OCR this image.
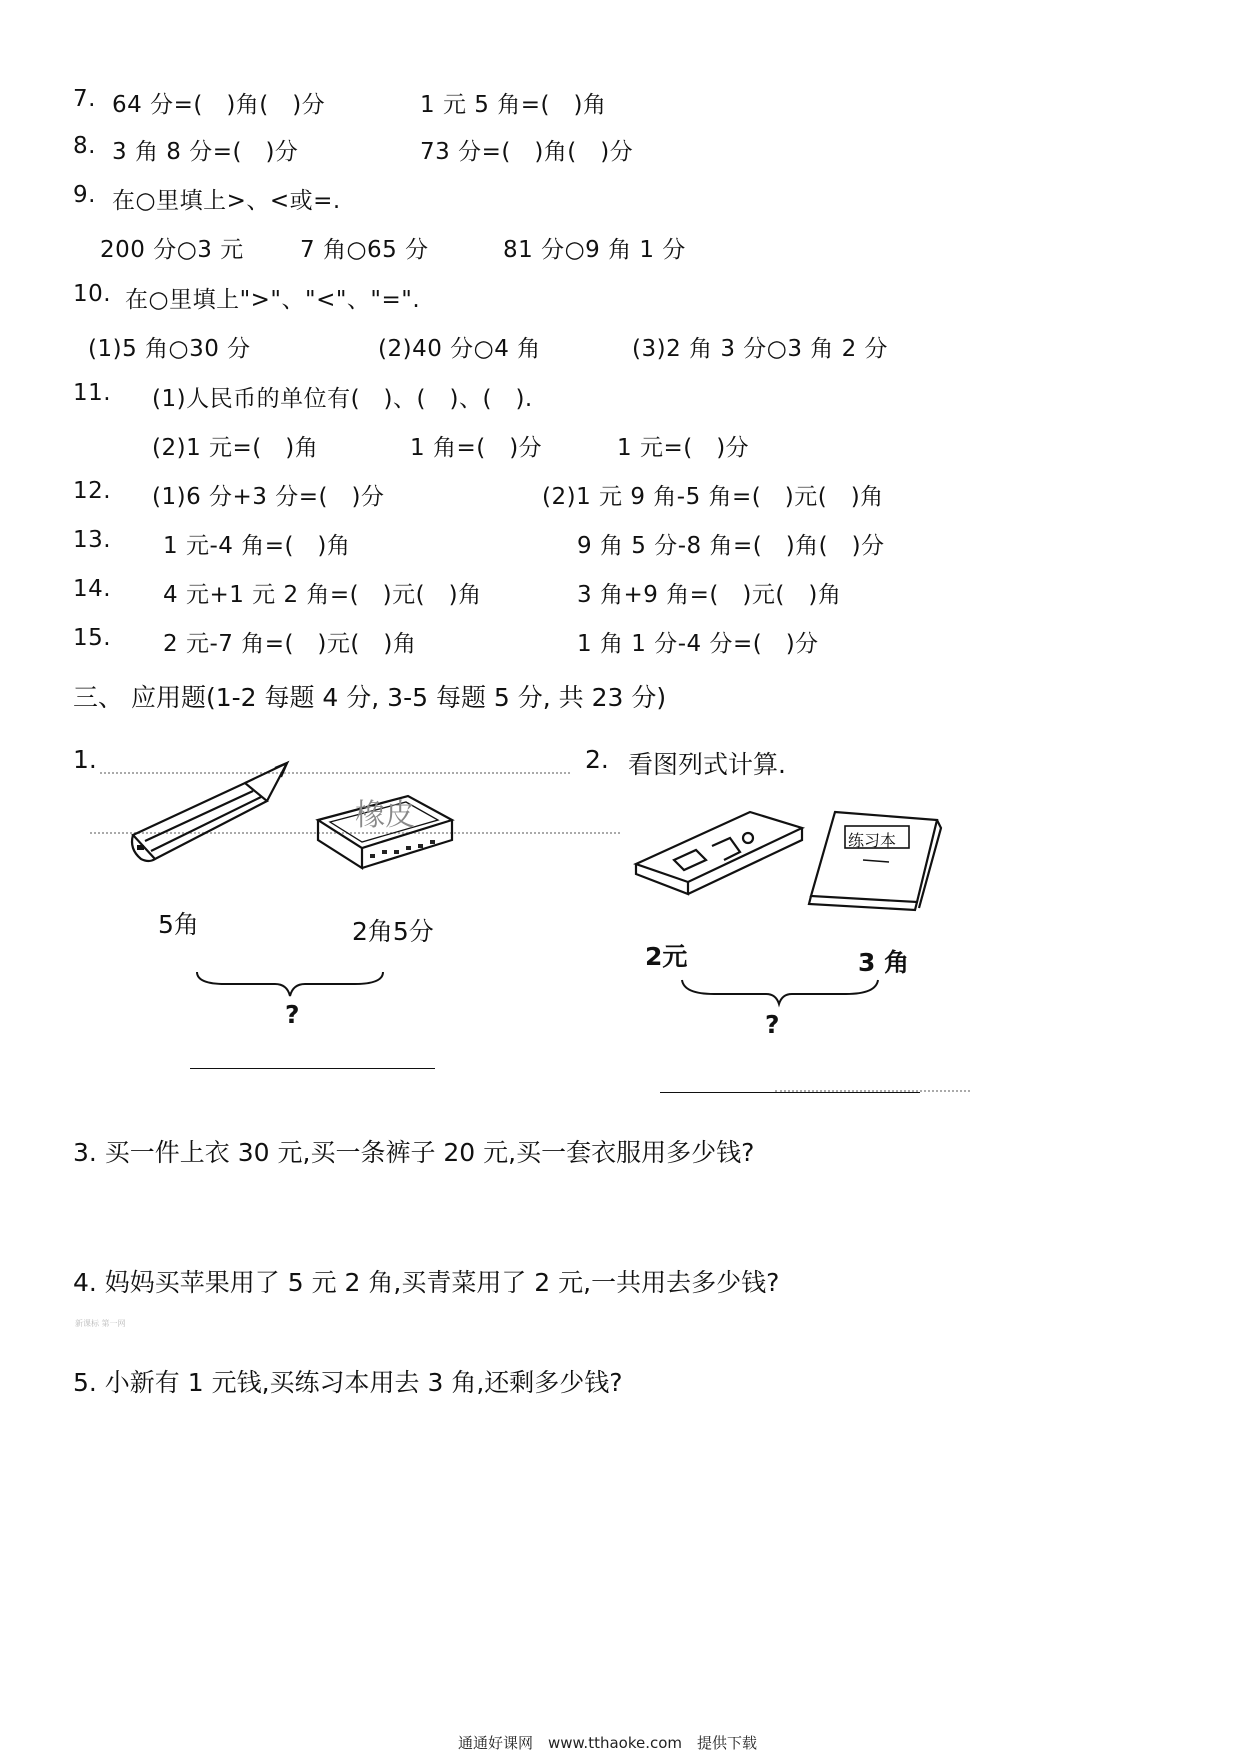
7. 64 分=(　)角(　)分	1 元 5 角=(　)角
8. 3 角 8 分=(　)分	73 分=(　)角(　)分
9. 在○里填上>、<或=.
200 分○3 元 7 角○65 分	81 分○9 角 1 分
10. 在○里填上">"、"<"、"=".
(1)5 角○30 分	(2)40 分○4 角	(3)2 角 3 分○3 角 2 分
11. (1)人民币的单位有(　)、(　)、(　).
(2)1 元=(　)角	1 角=(　)分	1 元=(　)分
12. (1)6 分+3 分=(　)分	(2)1 元 9 角-5 角=(　)元(　)角
13. 1 元-4 角=(　)角	9 角 5 分-8 角=(　)角(　)分
14. 4 元+1 元 2 角=(　)元(　)角	3 角+9 角=(　)元(　)角
15. 2 元-7 角=(　)元(　)角	1 角 1 分-4 分=(　)分
三、 应用题(1-2 每题 4 分, 3-5 每题 5 分, 共 23 分)
1.
橡皮
5角	2角5分
?
2. 看图列式计算.
练习本
2元	3 角
?
3. 买一件上衣 30 元,买一条裤子 20 元,买一套衣服用多少钱?
4. 妈妈买苹果用了 5 元 2 角,买青菜用了 2 元,一共用去多少钱?
新课标 第一网
5. 小新有 1 元钱,买练习本用去 3 角,还剩多少钱?
通通好课网　www.tthaoke.com　提供下载
